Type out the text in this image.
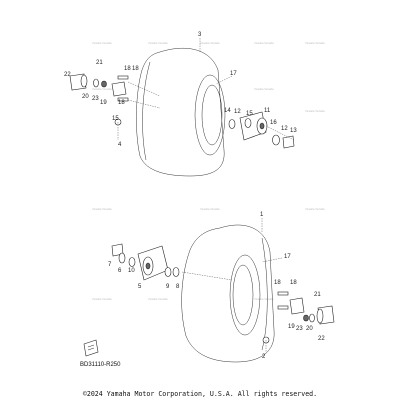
Yamaha Yamaha	Yamaha Yamaha	Yamaha Yamaha	Yamaha Yamaha	Yamaha Yamaha
Yamaha Yamaha	Yamaha Yamaha
Yamaha Yamaha
Yamaha Yamaha	Yamaha Yamaha	Yamaha Yamaha
Yamaha Yamaha	Yamaha Yamaha	Yamaha Yamaha
3
17
22
21
18 18
20 23
19 18
15
4
14 12 15 11
16
12 13
1
17
7
6 10
5	9 8
18 18
19 23 20
21
22
2
BD31110-R250
©2024 Yamaha Motor Corporation, U.S.A. All rights reserved.
